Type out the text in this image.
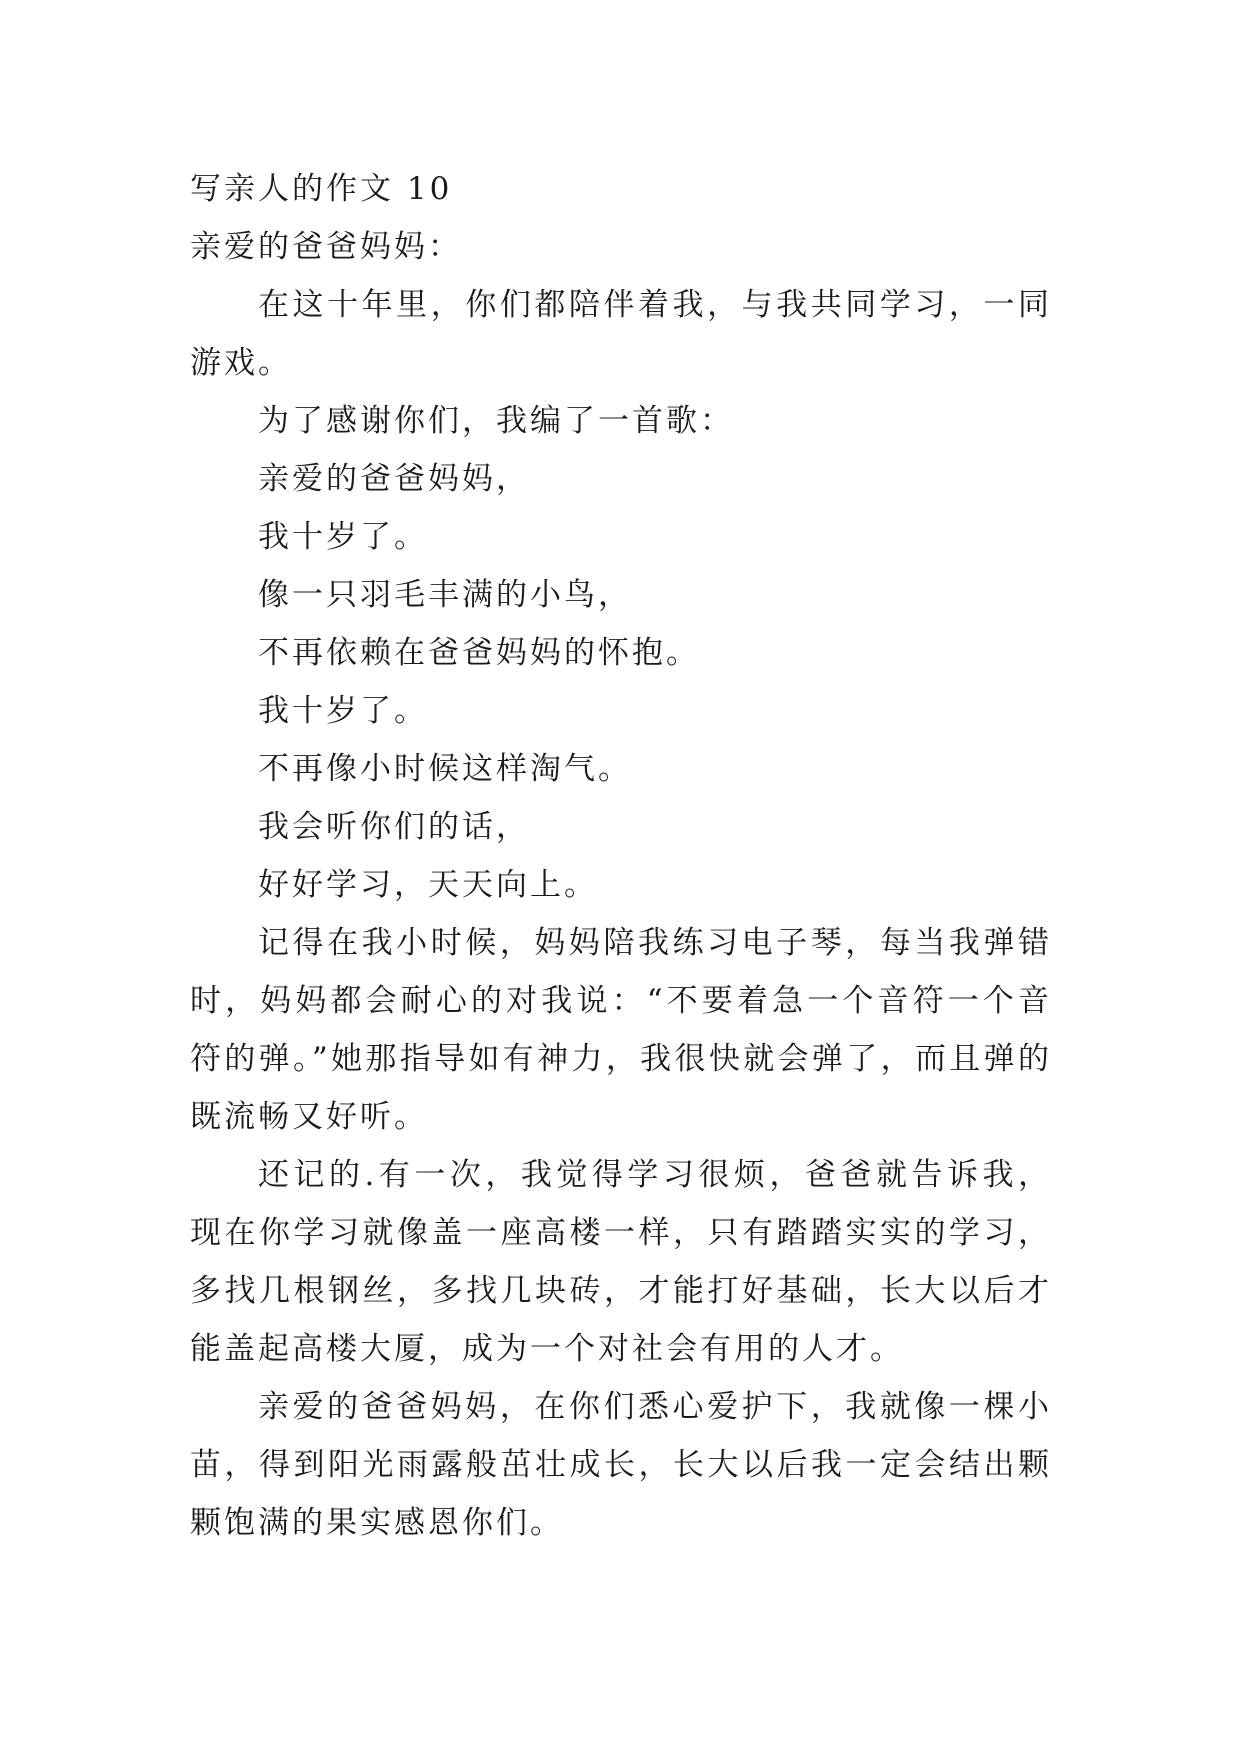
写亲人的作文 10
亲爱的爸爸妈妈：

在这十年里，你们都陪伴着我，与我共同学习，一同游戏。

为了感谢你们，我编了一首歌：
亲爱的爸爸妈妈，
我十岁了。
像一只羽毛丰满的小鸟，
不再依赖在爸爸妈妈的怀抱。
我十岁了。
不再像小时候这样淘气。
我会听你们的话，
好好学习，天天向上。

记得在我小时候，妈妈陪我练习电子琴，每当我弹错时，妈妈都会耐心的对我说：“不要着急一个音符一个音符的弹。”她那指导如有神力，我很快就会弹了，而且弹的既流畅又好听。

还记的.有一次，我觉得学习很烦，爸爸就告诉我，现在你学习就像盖一座高楼一样，只有踏踏实实的学习，多找几根钢丝，多找几块砖，才能打好基础，长大以后才能盖起高楼大厦，成为一个对社会有用的人才。

亲爱的爸爸妈妈，在你们悉心爱护下，我就像一棵小苗，得到阳光雨露般茁壮成长，长大以后我一定会结出颗颗饱满的果实感恩你们。
